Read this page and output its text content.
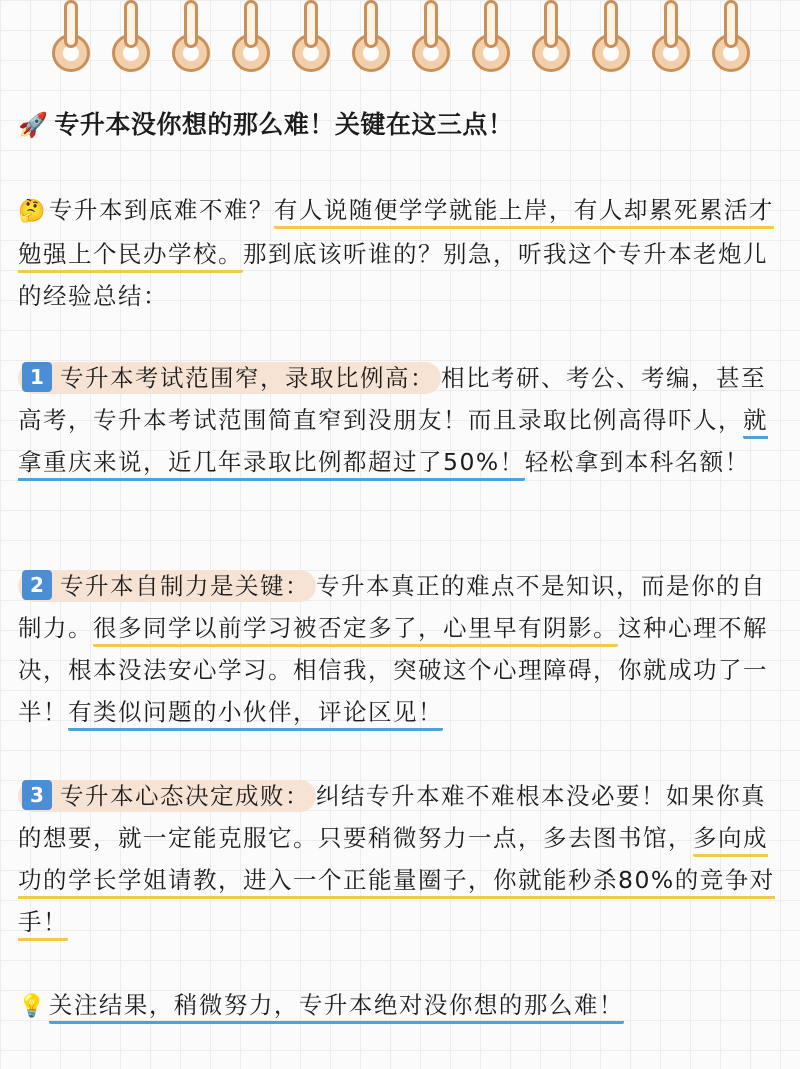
🚀 专升本没你想的那么难！关键在这三点！
🤔专升本到底难不难？有人说随便学学就能上岸，有人却累死累活才勉强上个民办学校。那到底该听谁的？别急，听我这个专升本老炮儿的经验总结：
1 专升本考试范围窄，录取比例高： 相比考研、考公、考编，甚至高考，专升本考试范围简直窄到没朋友！而且录取比例高得吓人，就拿重庆来说，近几年录取比例都超过了50%！轻松拿到本科名额！
2 专升本自制力是关键： 专升本真正的难点不是知识，而是你的自制力。很多同学以前学习被否定多了，心里早有阴影。这种心理不解决，根本没法安心学习。相信我，突破这个心理障碍，你就成功了一半！有类似问题的小伙伴，评论区见！
3 专升本心态决定成败： 纠结专升本难不难根本没必要！如果你真的想要，就一定能克服它。只要稍微努力一点，多去图书馆，多向成功的学长学姐请教，进入一个正能量圈子，你就能秒杀80%的竞争对手！
💡关注结果，稍微努力，专升本绝对没你想的那么难！
